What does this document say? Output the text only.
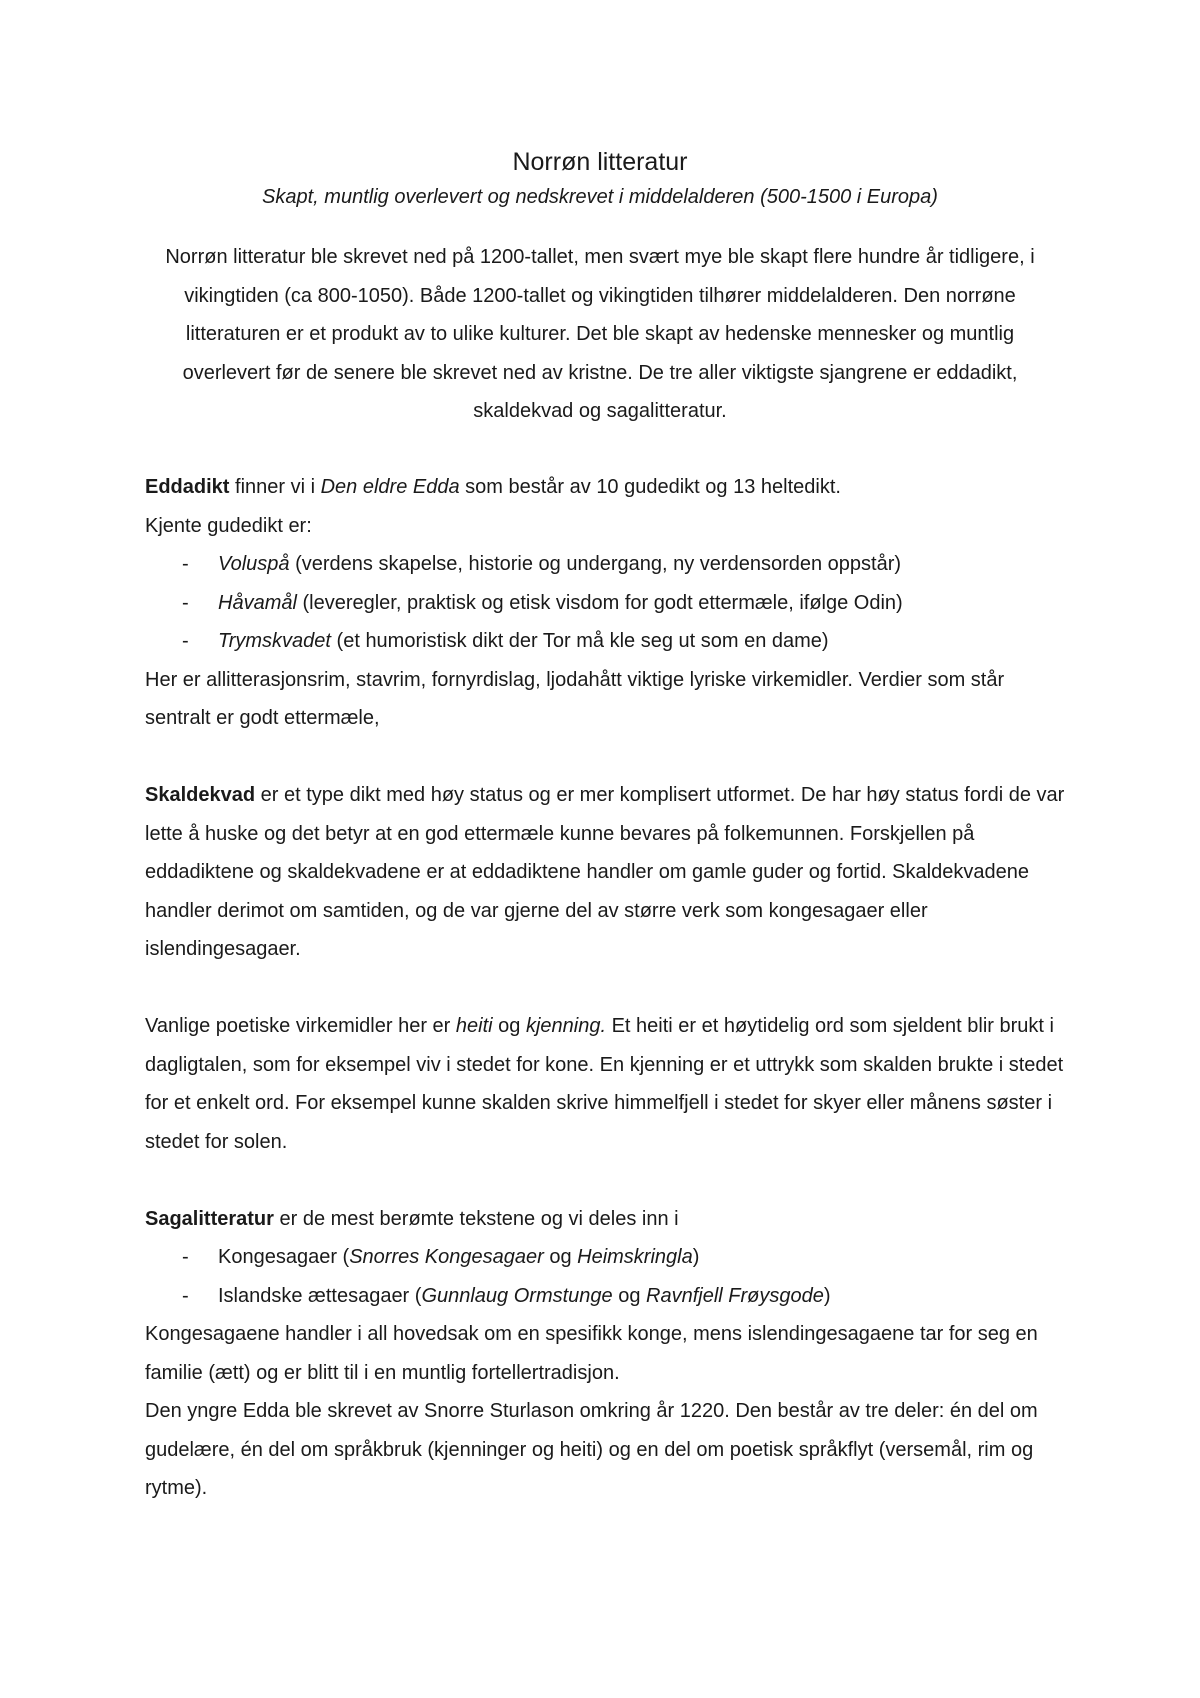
Norrøn litteratur

Skapt, muntlig overlevert og nedskrevet i middelalderen (500-1500 i Europa)

Norrøn litteratur ble skrevet ned på 1200-tallet, men svært mye ble skapt flere hundre år tidligere, i vikingtiden (ca 800-1050). Både 1200-tallet og vikingtiden tilhører middelalderen. Den norrøne litteraturen er et produkt av to ulike kulturer. Det ble skapt av hedenske mennesker og muntlig overlevert før de senere ble skrevet ned av kristne. De tre aller viktigste sjangrene er eddadikt, skaldekvad og sagalitteratur.

Eddadikt finner vi i Den eldre Edda som består av 10 gudedikt og 13 heltedikt.

Kjente gudedikt er:

- Voluspå (verdens skapelse, historie og undergang, ny verdensorden oppstår)
- Håvamål (leveregler, praktisk og etisk visdom for godt ettermæle, ifølge Odin)
- Trymskvadet (et humoristisk dikt der Tor må kle seg ut som en dame)

Her er allitterasjonsrim, stavrim, fornyrdislag, ljodahått viktige lyriske virkemidler. Verdier som står sentralt er godt ettermæle,

Skaldekvad er et type dikt med høy status og er mer komplisert utformet. De har høy status fordi de var lette å huske og det betyr at en god ettermæle kunne bevares på folkemunnen. Forskjellen på eddadiktene og skaldekvadene er at eddadiktene handler om gamle guder og fortid. Skaldekvadene handler derimot om samtiden, og de var gjerne del av større verk som kongesagaer eller islendingesagaer.

Vanlige poetiske virkemidler her er heiti og kjenning. Et heiti er et høytidelig ord som sjeldent blir brukt i dagligtalen, som for eksempel viv i stedet for kone. En kjenning er et uttrykk som skalden brukte i stedet for et enkelt ord. For eksempel kunne skalden skrive himmelfjell i stedet for skyer eller månens søster i stedet for solen.

Sagalitteratur er de mest berømte tekstene og vi deles inn i

- Kongesagaer (Snorres Kongesagaer og Heimskringla)
- Islandske ættesagaer (Gunnlaug Ormstunge og Ravnfjell Frøysgode)

Kongesagaene handler i all hovedsak om en spesifikk konge, mens islendingesagaene tar for seg en familie (ætt) og er blitt til i en muntlig fortellertradisjon.

Den yngre Edda ble skrevet av Snorre Sturlason omkring år 1220. Den består av tre deler: én del om gudelære, én del om språkbruk (kjenninger og heiti) og en del om poetisk språkflyt (versemål, rim og rytme).
